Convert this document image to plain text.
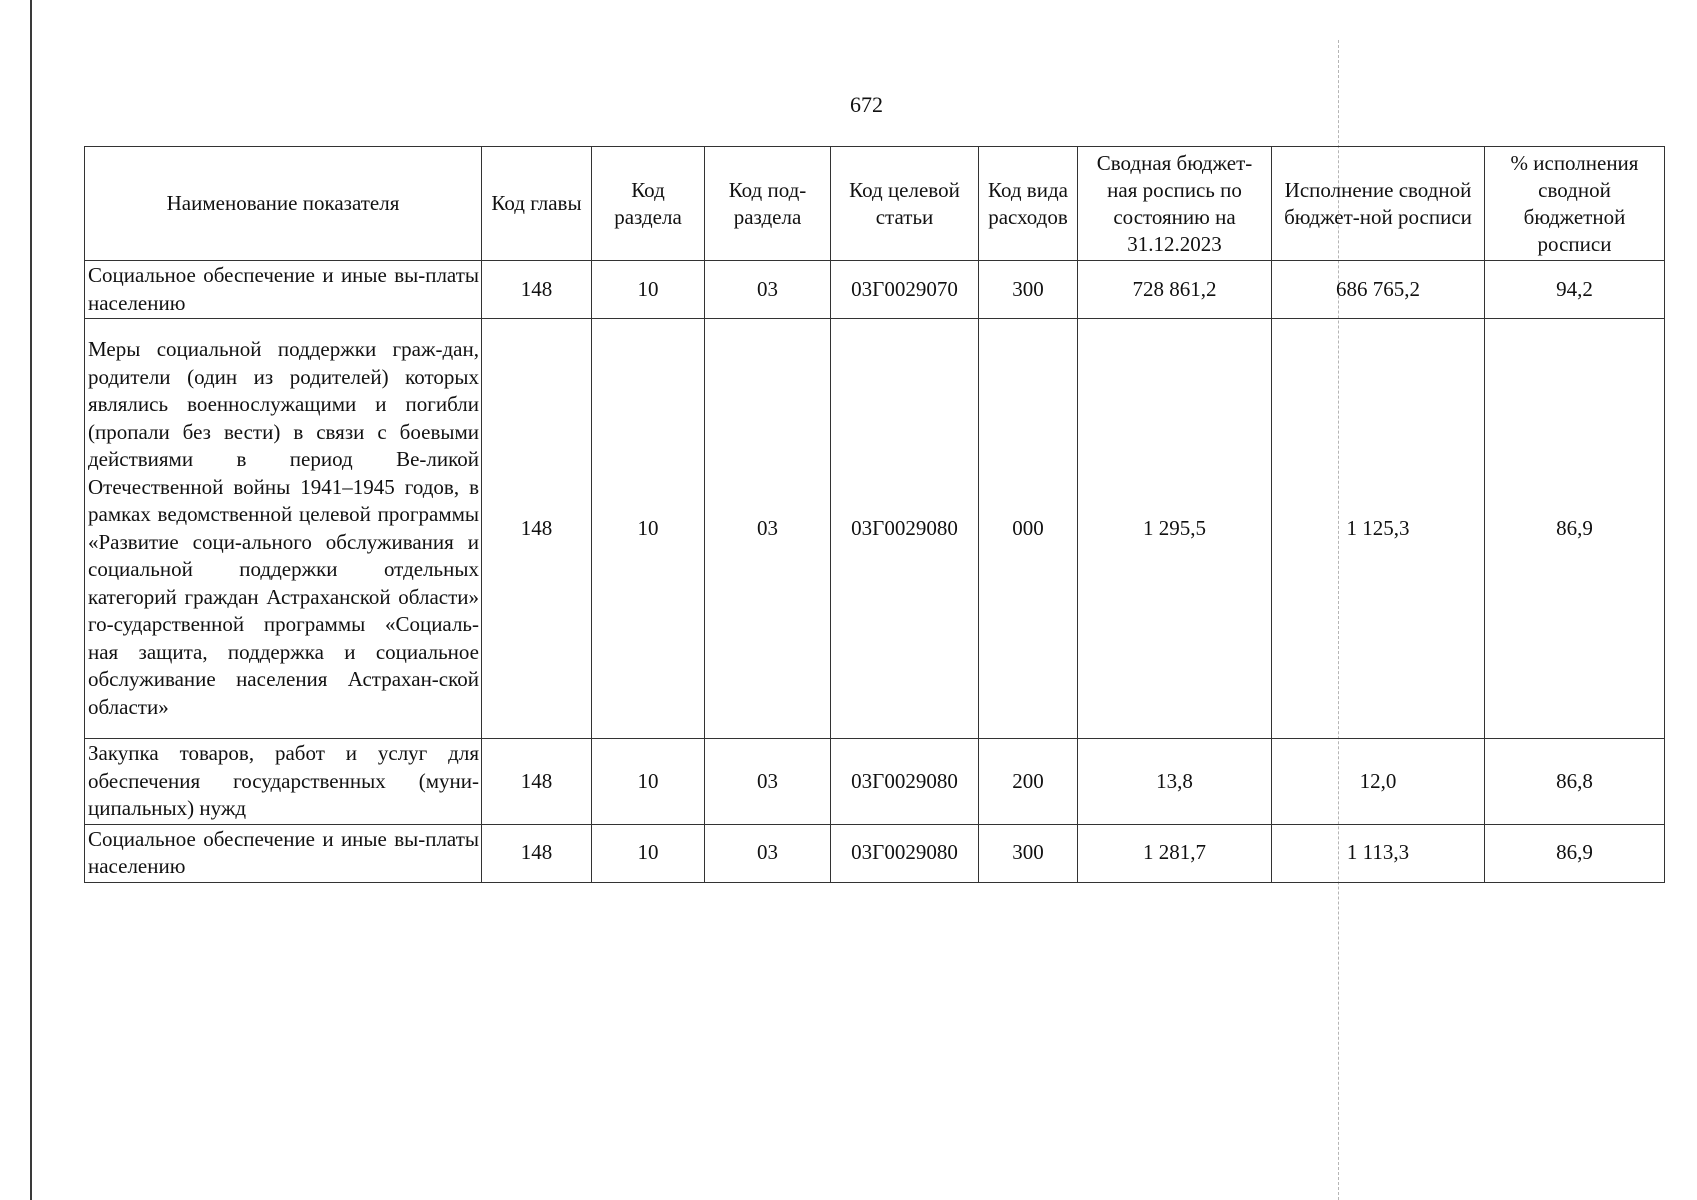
672
Наименование показателя	Код главы	Код раздела	Код под-раздела	Код целевой статьи	Код вида расходов	Сводная бюджет-ная роспись по состоянию на 31.12.2023	Исполнение сводной бюджет-ной росписи	% исполнения сводной бюджетной росписи
Социальное обеспечение и иные вы-платы населению	148	10	03	03Г0029070	300	728 861,2	686 765,2	94,2
Меры социальной поддержки граж-дан, родители (один из родителей) которых являлись военнослужащими и погибли (пропали без вести) в связи с боевыми действиями в период Ве-ликой Отечественной войны 1941–1945 годов, в рамках ведомственной целевой программы «Развитие соци-ального обслуживания и социальной поддержки отдельных категорий граждан Астраханской области» го-сударственной программы «Социаль-ная защита, поддержка и социальное обслуживание населения Астрахан-ской области»	148	10	03	03Г0029080	000	1 295,5	1 125,3	86,9
Закупка товаров, работ и услуг для обеспечения государственных (муни-ципальных) нужд	148	10	03	03Г0029080	200	13,8	12,0	86,8
Социальное обеспечение и иные вы-платы населению	148	10	03	03Г0029080	300	1 281,7	1 113,3	86,9
